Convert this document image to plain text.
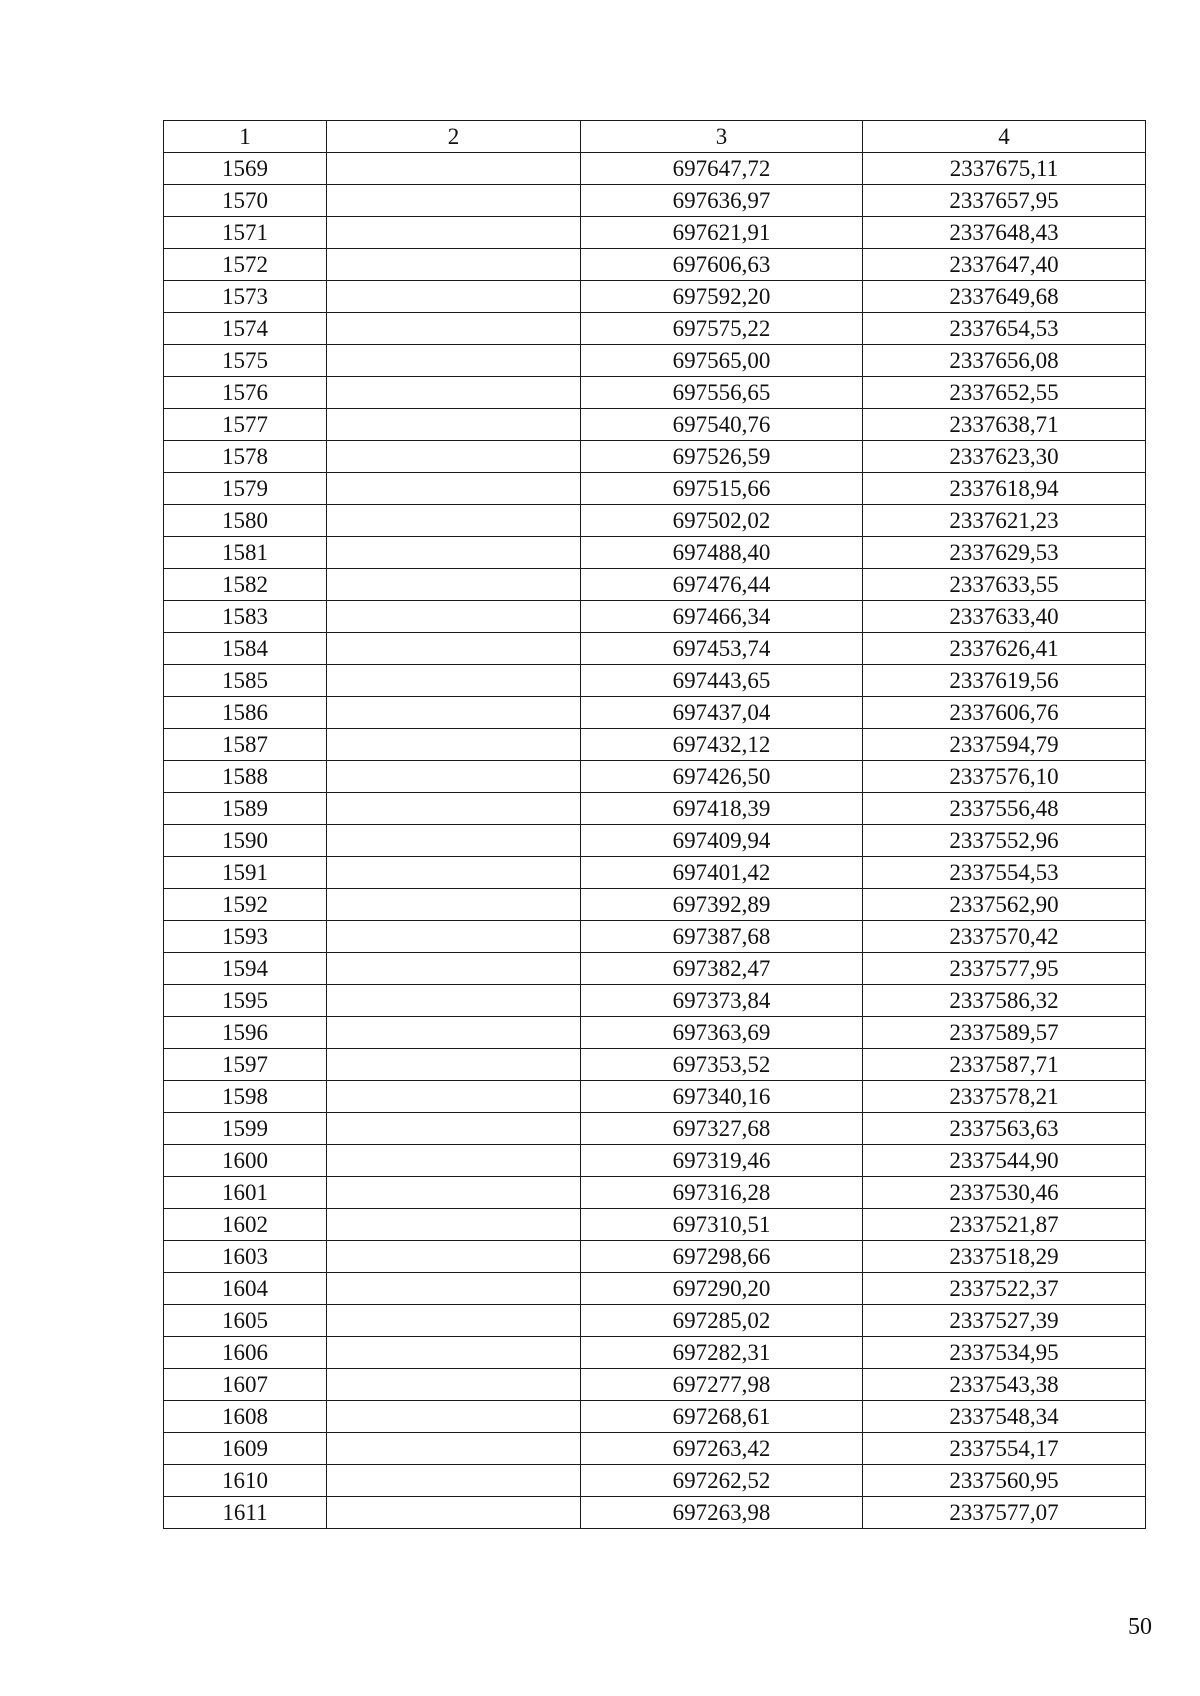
1	2	3	4
1569		697647,72	2337675,11
1570		697636,97	2337657,95
1571		697621,91	2337648,43
1572		697606,63	2337647,40
1573		697592,20	2337649,68
1574		697575,22	2337654,53
1575		697565,00	2337656,08
1576		697556,65	2337652,55
1577		697540,76	2337638,71
1578		697526,59	2337623,30
1579		697515,66	2337618,94
1580		697502,02	2337621,23
1581		697488,40	2337629,53
1582		697476,44	2337633,55
1583		697466,34	2337633,40
1584		697453,74	2337626,41
1585		697443,65	2337619,56
1586		697437,04	2337606,76
1587		697432,12	2337594,79
1588		697426,50	2337576,10
1589		697418,39	2337556,48
1590		697409,94	2337552,96
1591		697401,42	2337554,53
1592		697392,89	2337562,90
1593		697387,68	2337570,42
1594		697382,47	2337577,95
1595		697373,84	2337586,32
1596		697363,69	2337589,57
1597		697353,52	2337587,71
1598		697340,16	2337578,21
1599		697327,68	2337563,63
1600		697319,46	2337544,90
1601		697316,28	2337530,46
1602		697310,51	2337521,87
1603		697298,66	2337518,29
1604		697290,20	2337522,37
1605		697285,02	2337527,39
1606		697282,31	2337534,95
1607		697277,98	2337543,38
1608		697268,61	2337548,34
1609		697263,42	2337554,17
1610		697262,52	2337560,95
1611		697263,98	2337577,07
50
